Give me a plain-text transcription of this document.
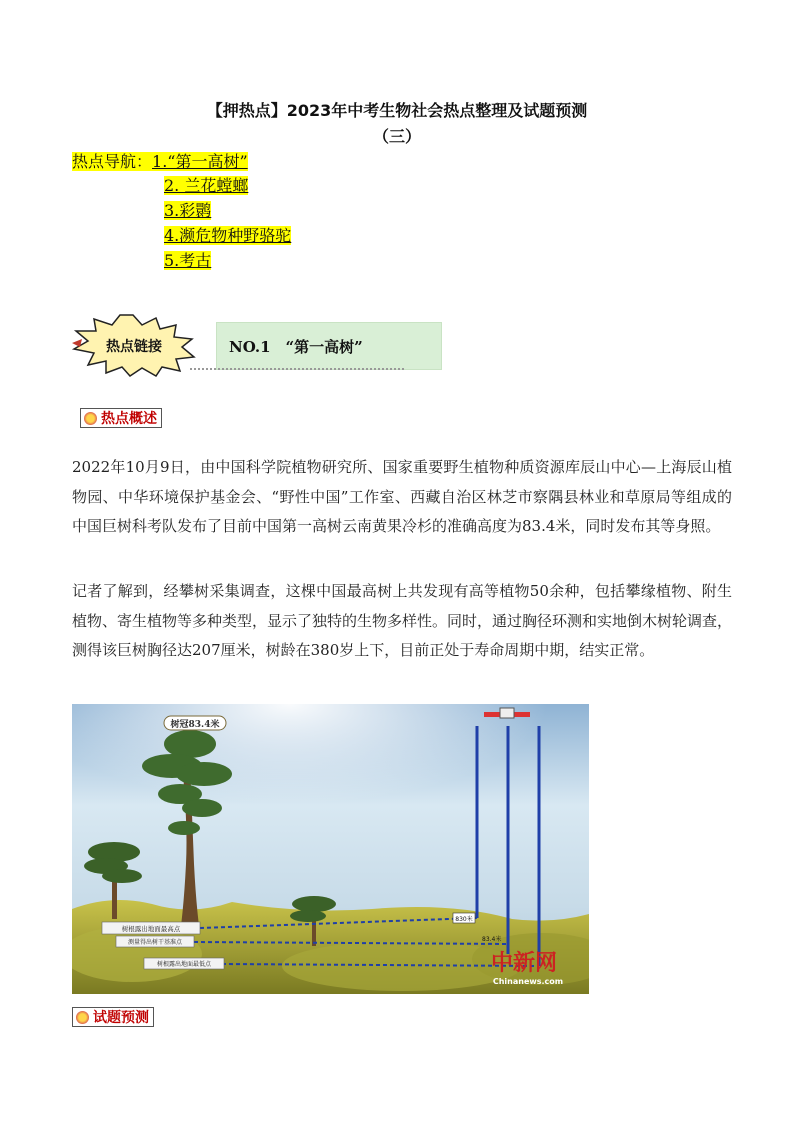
【押热点】2023年中考生物社会热点整理及试题预测
（三）
热点导航：1.“第一高树”
2. 兰花螳螂
3.彩鹮
4.濒危物种野骆驼
5.考古
热点链接	NO.1　“第一高树”
热点概述
2022年10月9日，由中国科学院植物研究所、国家重要野生植物种质资源库辰山中心—上海辰山植物园、中华环境保护基金会、“野性中国”工作室、西藏自治区林芝市察隅县林业和草原局等组成的中国巨树科考队发布了目前中国第一高树云南黄果冷杉的准确高度为83.4米，同时发布其等身照。
记者了解到，经攀树采集调查，这棵中国最高树上共发现有高等植物50余种，包括攀缘植物、附生植物、寄生植物等多种类型，显示了独特的生物多样性。同时，通过胸径环测和实地倒木树轮调查，测得该巨树胸径达207厘米，树龄在380岁上下，目前正处于寿命周期中期，结实正常。
树冠83.4米
830米
83.4米
树根露出地面最高点
测量得出树干基准点
树根露出地面最低点	中新网
Chinanews.com
试题预测
